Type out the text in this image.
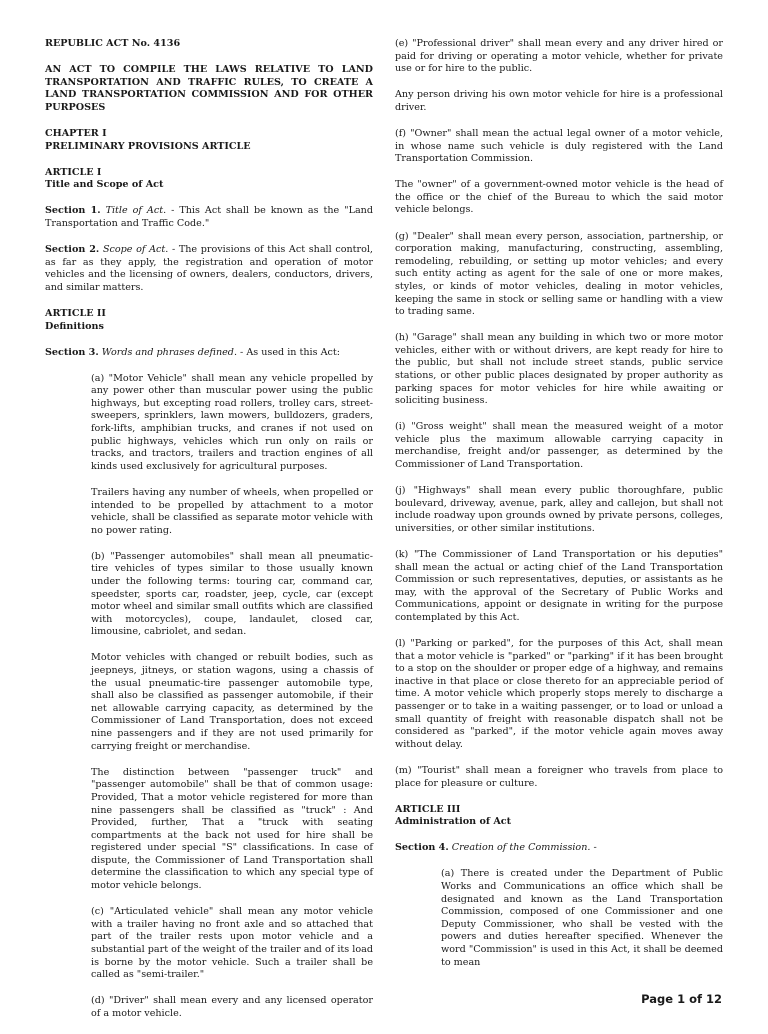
REPUBLIC ACT No. 4136

AN ACT TO COMPILE THE LAWS RELATIVE TO LAND TRANSPORTATION AND TRAFFIC RULES, TO CREATE A LAND TRANSPORTATION COMMISSION AND FOR OTHER PURPOSES

CHAPTER I
PRELIMINARY PROVISIONS ARTICLE

ARTICLE I
Title and Scope of Act

Section 1. Title of Act. - This Act shall be known as the "Land Transportation and Traffic Code."

Section 2. Scope of Act. - The provisions of this Act shall control, as far as they apply, the registration and operation of motor vehicles and the licensing of owners, dealers, conductors, drivers, and similar matters.

ARTICLE II
Definitions

Section 3. Words and phrases defined. - As used in this Act:

(a) "Motor Vehicle" shall mean any vehicle propelled by any power other than muscular power using the public highways, but excepting road rollers, trolley cars, street-sweepers, sprinklers, lawn mowers, bulldozers, graders, fork-lifts, amphibian trucks, and cranes if not used on public highways, vehicles which run only on rails or tracks, and tractors, trailers and traction engines of all kinds used exclusively for agricultural purposes.

Trailers having any number of wheels, when propelled or intended to be propelled by attachment to a motor vehicle, shall be classified as separate motor vehicle with no power rating.

(b) "Passenger automobiles" shall mean all pneumatic-tire vehicles of types similar to those usually known under the following terms: touring car, command car, speedster, sports car, roadster, jeep, cycle, car (except motor wheel and similar small outfits which are classified with motorcycles), coupe, landaulet, closed car, limousine, cabriolet, and sedan.

Motor vehicles with changed or rebuilt bodies, such as jeepneys, jitneys, or station wagons, using a chassis of the usual pneumatic-tire passenger automobile type, shall also be classified as passenger automobile, if their net allowable carrying capacity, as determined by the Commissioner of Land Transportation, does not exceed nine passengers and if they are not used primarily for carrying freight or merchandise.

The distinction between "passenger truck" and "passenger automobile" shall be that of common usage: Provided, That a motor vehicle registered for more than nine passengers shall be classified as "truck" : And Provided, further, That a "truck with seating compartments at the back not used for hire shall be registered under special "S" classifications. In case of dispute, the Commissioner of Land Transportation shall determine the classification to which any special type of motor vehicle belongs.

(c) "Articulated vehicle" shall mean any motor vehicle with a trailer having no front axle and so attached that part of the trailer rests upon motor vehicle and a substantial part of the weight of the trailer and of its load is borne by the motor vehicle. Such a trailer shall be called as "semi-trailer."

(d) "Driver" shall mean every and any licensed operator of a motor vehicle.

(e) "Professional driver" shall mean every and any driver hired or paid for driving or operating a motor vehicle, whether for private use or for hire to the public.

Any person driving his own motor vehicle for hire is a professional driver.

(f) "Owner" shall mean the actual legal owner of a motor vehicle, in whose name such vehicle is duly registered with the Land Transportation Commission.

The "owner" of a government-owned motor vehicle is the head of the office or the chief of the Bureau to which the said motor vehicle belongs.

(g) "Dealer" shall mean every person, association, partnership, or corporation making, manufacturing, constructing, assembling, remodeling, rebuilding, or setting up motor vehicles; and every such entity acting as agent for the sale of one or more makes, styles, or kinds of motor vehicles, dealing in motor vehicles, keeping the same in stock or selling same or handling with a view to trading same.

(h) "Garage" shall mean any building in which two or more motor vehicles, either with or without drivers, are kept ready for hire to the public, but shall not include street stands, public service stations, or other public places designated by proper authority as parking spaces for motor vehicles for hire while awaiting or soliciting business.

(i) "Gross weight" shall mean the measured weight of a motor vehicle plus the maximum allowable carrying capacity in merchandise, freight and/or passenger, as determined by the Commissioner of Land Transportation.

(j) "Highways" shall mean every public thoroughfare, public boulevard, driveway, avenue, park, alley and callejon, but shall not include roadway upon grounds owned by private persons, colleges, universities, or other similar institutions.

(k) "The Commissioner of Land Transportation or his deputies" shall mean the actual or acting chief of the Land Transportation Commission or such representatives, deputies, or assistants as he may, with the approval of the Secretary of Public Works and Communications, appoint or designate in writing for the purpose contemplated by this Act.

(l) "Parking or parked", for the purposes of this Act, shall mean that a motor vehicle is "parked" or "parking" if it has been brought to a stop on the shoulder or proper edge of a highway, and remains inactive in that place or close thereto for an appreciable period of time. A motor vehicle which properly stops merely to discharge a passenger or to take in a waiting passenger, or to load or unload a small quantity of freight with reasonable dispatch shall not be considered as "parked", if the motor vehicle again moves away without delay.

(m) "Tourist" shall mean a foreigner who travels from place to place for pleasure or culture.

ARTICLE III
Administration of Act

Section 4. Creation of the Commission. -

(a) There is created under the Department of Public Works and Communications an office which shall be designated and known as the Land Transportation Commission, composed of one Commissioner and one Deputy Commissioner, who shall be vested with the powers and duties hereafter specified. Whenever the word "Commission" is used in this Act, it shall be deemed to mean

Page 1 of 12
